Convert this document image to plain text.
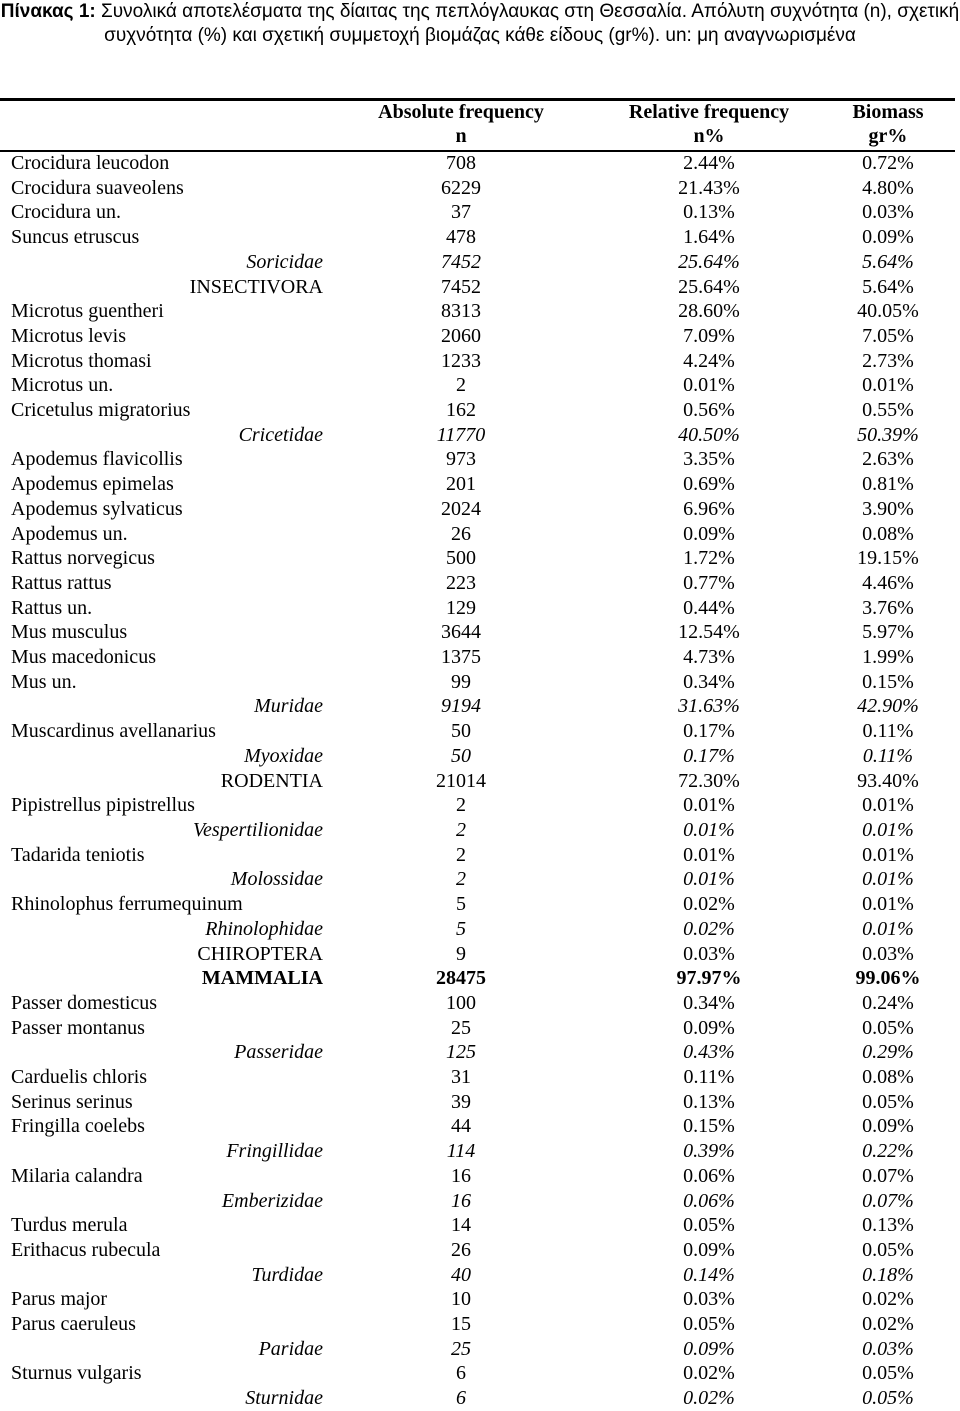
Πίνακας 1: Συνολικά αποτελέσματα της δίαιτας της πεπλόγλαυκας στη Θεσσαλία. Απόλυτη συχνότητα (n), σχετική συχνότητα (%) και σχετική συμμετοχή βιομάζας κάθε είδους (gr%). un: μη αναγνωρισμένα
Absolute frequency
n
Relative frequency
n%
Biomass
gr%
Crocidura leucodon	708	2.44%	0.72%
Crocidura suaveolens	6229	21.43%	4.80%
Crocidura un.	37	0.13%	0.03%
Suncus etruscus	478	1.64%	0.09%
Soricidae	7452	25.64%	5.64%
INSECTIVORA	7452	25.64%	5.64%
Microtus guentheri	8313	28.60%	40.05%
Microtus levis	2060	7.09%	7.05%
Microtus thomasi	1233	4.24%	2.73%
Microtus un.	2	0.01%	0.01%
Cricetulus migratorius	162	0.56%	0.55%
Cricetidae	11770	40.50%	50.39%
Apodemus flavicollis	973	3.35%	2.63%
Apodemus epimelas	201	0.69%	0.81%
Apodemus sylvaticus	2024	6.96%	3.90%
Apodemus un.	26	0.09%	0.08%
Rattus norvegicus	500	1.72%	19.15%
Rattus rattus	223	0.77%	4.46%
Rattus un.	129	0.44%	3.76%
Mus musculus	3644	12.54%	5.97%
Mus macedonicus	1375	4.73%	1.99%
Mus un.	99	0.34%	0.15%
Muridae	9194	31.63%	42.90%
Muscardinus avellanarius	50	0.17%	0.11%
Myoxidae	50	0.17%	0.11%
RODENTIA	21014	72.30%	93.40%
Pipistrellus pipistrellus	2	0.01%	0.01%
Vespertilionidae	2	0.01%	0.01%
Tadarida teniotis	2	0.01%	0.01%
Molossidae	2	0.01%	0.01%
Rhinolophus ferrumequinum	5	0.02%	0.01%
Rhinolophidae	5	0.02%	0.01%
CHIROPTERA	9	0.03%	0.03%
MAMMALIA	28475	97.97%	99.06%
Passer domesticus	100	0.34%	0.24%
Passer montanus	25	0.09%	0.05%
Passeridae	125	0.43%	0.29%
Carduelis chloris	31	0.11%	0.08%
Serinus serinus	39	0.13%	0.05%
Fringilla coelebs	44	0.15%	0.09%
Fringillidae	114	0.39%	0.22%
Milaria calandra	16	0.06%	0.07%
Emberizidae	16	0.06%	0.07%
Turdus merula	14	0.05%	0.13%
Erithacus rubecula	26	0.09%	0.05%
Turdidae	40	0.14%	0.18%
Parus major	10	0.03%	0.02%
Parus caeruleus	15	0.05%	0.02%
Paridae	25	0.09%	0.03%
Sturnus vulgaris	6	0.02%	0.05%
Sturnidae	6	0.02%	0.05%
